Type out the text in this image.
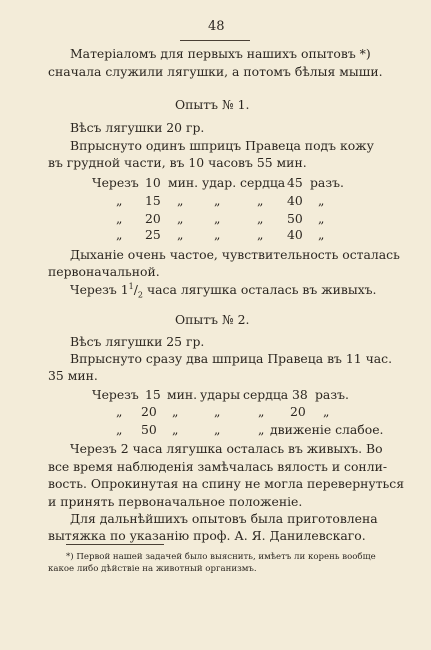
48
Матеріаломъ для первыхъ нашихъ опытовъ *)
сначала служили лягушки, а потомъ бѣлыя мыши.
Опытъ № 1.
Вѣсъ лягушки 20 гр.
Впрыснуто одинъ шприцъ Правеца подъ кожу
въ грудной части, въ 10 часовъ 55 мин.
Черезъ 10 мин. удар. сердца 45 разъ.
„ 15 „ „	„ 40 „
„ 20 „ „	„ 50 „
„ 25 „ „	„ 40 „
Дыханіе очень частое, чувствительность осталась
первоначальной.
Черезъ $1^1/_2$ часа лягушка осталась въ живыхъ.
Опытъ № 2.
Вѣсъ лягушки 25 гр.
Впрыснуто сразу два шприца Правеца въ 11 час.
35 мин.
Черезъ 15 мин. удары сердца 38 разъ.
„ 20 „	„	„ 20 „
„ 50 „	„	„ движеніе слабое.
Черезъ 2 часа лягушка осталась въ живыхъ. Во
все время наблюденія замѣчалась вялость и сонли-
вость. Опрокинутая на спину не могла перевернуться
и принять первоначальное положеніе.
Для дальнѣйшихъ опытовъ была приготовлена
вытяжка по указанію проф. А. Я. Данилевскаго.
*) Первой нашей задачей было выяснить, имѣетъ ли корень вообще
какое либо дѣйствіе на животный организмъ.
